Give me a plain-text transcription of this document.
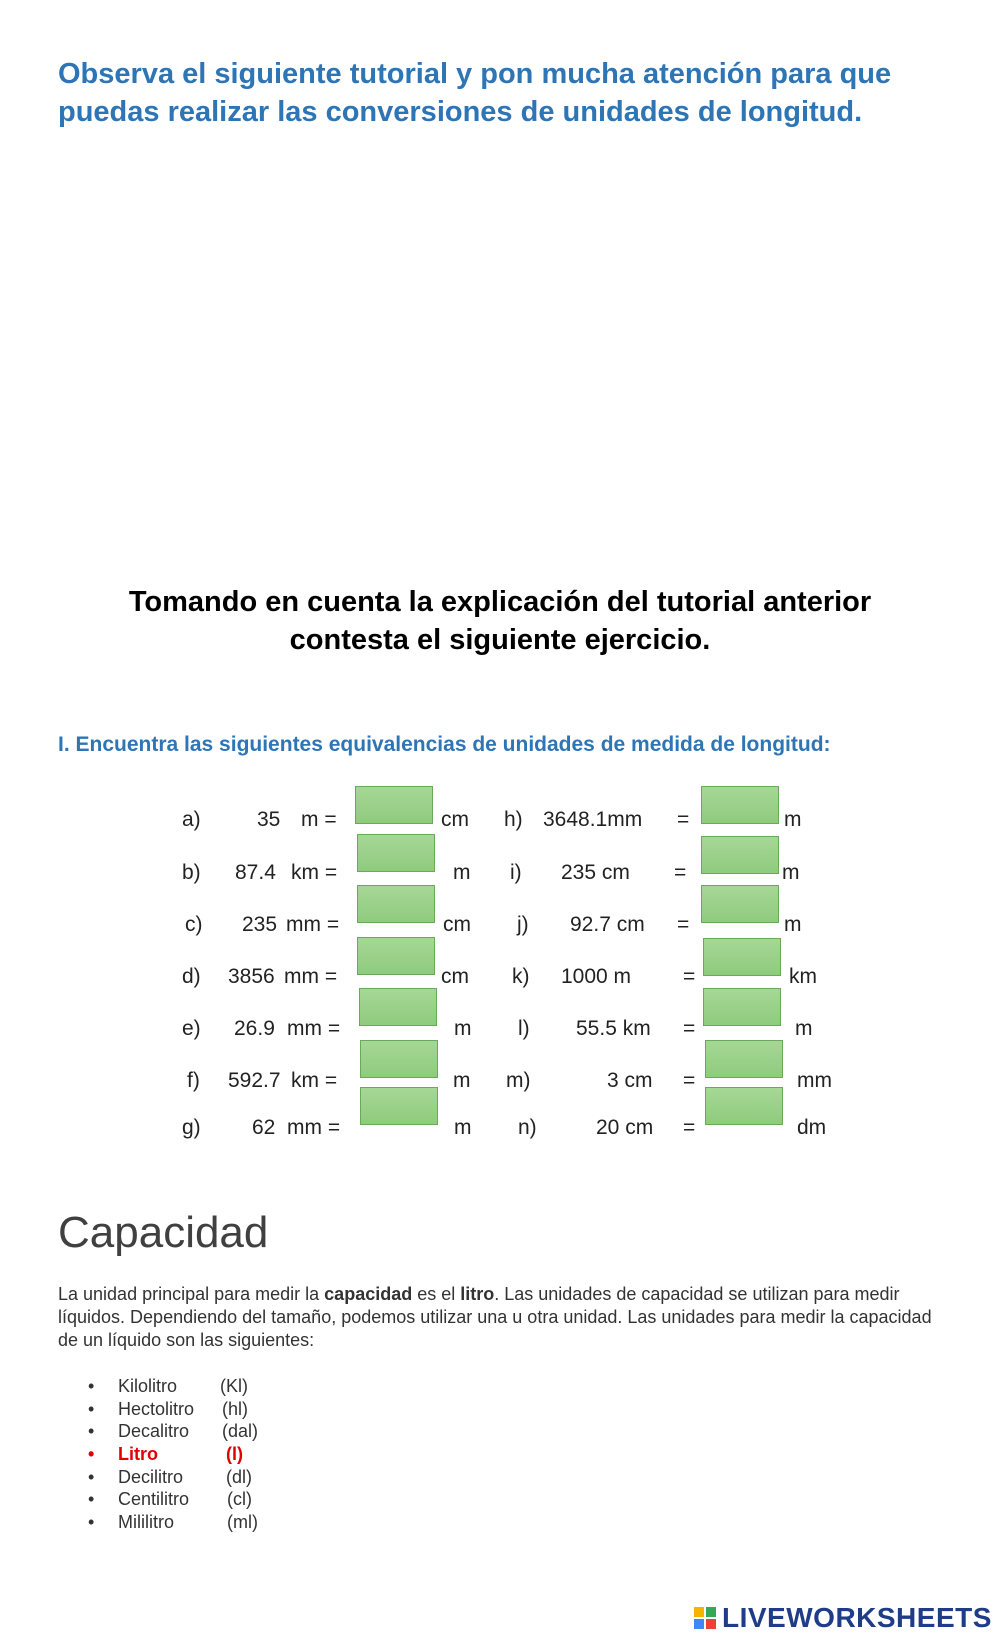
Observa el siguiente tutorial y pon mucha atención para que puedas realizar las conversiones de unidades de longitud.
Tomando en cuenta la explicación del tutorial anterior
contesta el siguiente ejercicio.
I. Encuentra las siguientes equivalencias de unidades de medida de longitud:
a)	35 m =	cm
b) 87.4 km =	m
c) 235 mm =	cm
d) 3856 mm =	cm
e) 26.9 mm =	m
f) 592.7 km =	m
g) 62 mm =	m
h) 3648.1mm =	m
i) 235 cm =	m
j) 92.7 cm =	m
k) 1000 m =	km
l) 55.5 km =	m
m)	3 cm =	mm
n)	20 cm =	dm
Capacidad
La unidad principal para medir la capacidad es el litro. Las unidades de capacidad se utilizan para medir líquidos. Dependiendo del tamaño, podemos utilizar una u otra unidad. Las unidades para medir la capacidad de un líquido son las siguientes:
• Kilolitro (Kl)
• Hectolitro (hl)
• Decalitro (dal)
• Litro	(l)
• Decilitro (dl)
• Centilitro (cl)
• Mililitro	(ml)
LIVEWORKSHEETS
